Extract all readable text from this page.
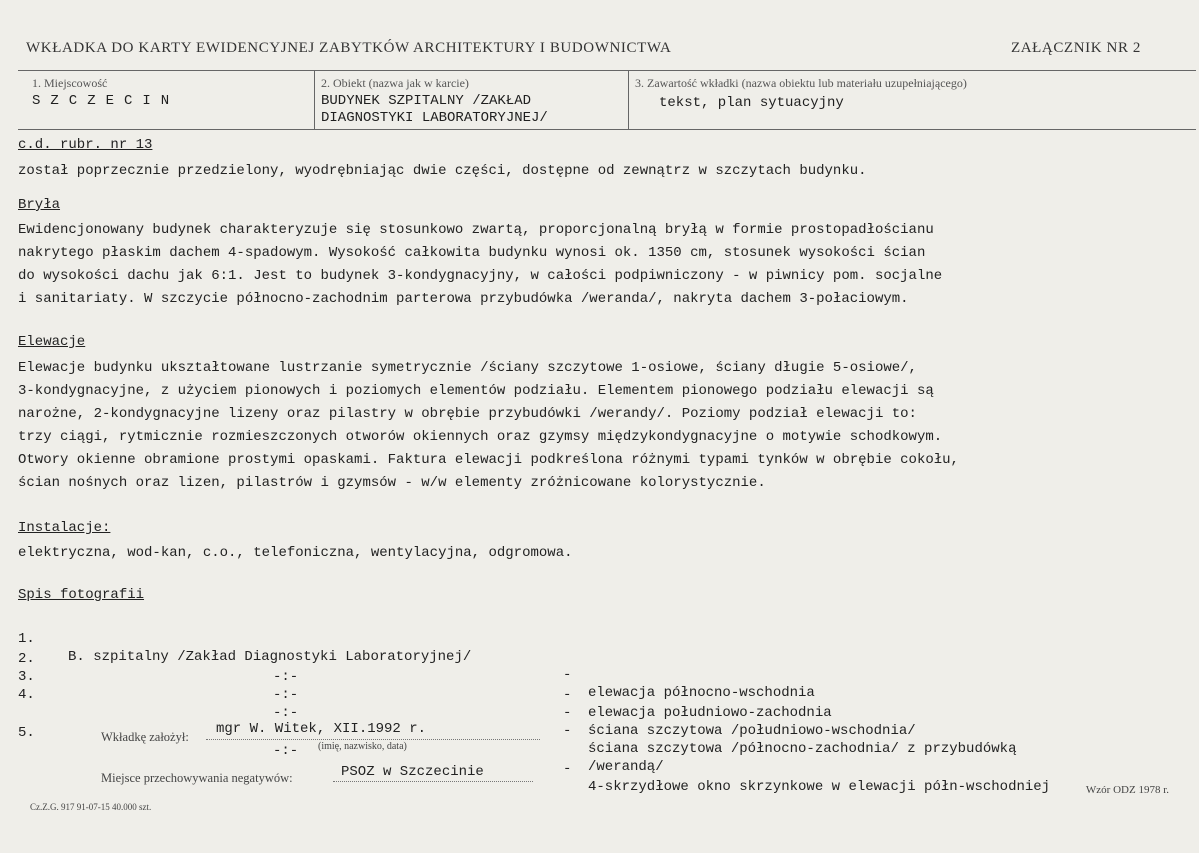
WKŁADKA DO KARTY EWIDENCYJNEJ ZABYTKÓW ARCHITEKTURY I BUDOWNICTWA	ZAŁĄCZNIK NR 2
1. Miejscowość
SZCZECIN
2. Obiekt (nazwa jak w karcie)
BUDYNEK SZPITALNY /ZAKŁAD
DIAGNOSTYKI LABORATORYJNEJ/
3. Zawartość wkładki (nazwa obiektu lub materiału uzupełniającego)
tekst, plan sytuacyjny
c.d. rubr. nr 13
został poprzecznie przedzielony, wyodrębniając dwie części, dostępne od zewnątrz w szczytach budynku.
Bryła
Ewidencjonowany budynek charakteryzuje się stosunkowo zwartą, proporcjonalną bryłą w formie prostopadłościanu
nakrytego płaskim dachem 4-spadowym. Wysokość całkowita budynku wynosi ok. 1350 cm, stosunek wysokości ścian
do wysokości dachu jak 6:1. Jest to budynek 3-kondygnacyjny, w całości podpiwniczony - w piwnicy pom. socjalne
i sanitariaty. W szczycie północno-zachodnim parterowa przybudówka /weranda/, nakryta dachem 3-połaciowym.
Elewacje
Elewacje budynku ukształtowane lustrzanie symetrycznie /ściany szczytowe 1-osiowe, ściany długie 5-osiowe/,
3-kondygnacyjne, z użyciem pionowych i poziomych elementów podziału. Elementem pionowego podziału elewacji są
narożne, 2-kondygnacyjne lizeny oraz pilastry w obrębie przybudówki /werandy/. Poziomy podział elewacji to:
trzy ciągi, rytmicznie rozmieszczonych otworów okiennych oraz gzymsy międzykondygnacyjne o motywie schodkowym.
Otwory okienne obramione prostymi opaskami. Faktura elewacji podkreślona różnymi typami tynków w obrębie cokołu,
ścian nośnych oraz lizen, pilastrów i gzymsów - w/w elementy zróżnicowane kolorystycznie.
Instalacje:
elektryczna, wod-kan, c.o., telefoniczna, wentylacyjna, odgromowa.
Spis fotografii

1.

B. szpitalny /Zakład Diagnostyki Laboratoryjnej/

-

elewacja północno-wschodnia

2.

-:-

-

elewacja południowo-zachodnia

3.

-:-

-

ściana szczytowa /południowo-wschodnia/

4.

-:-

-

ściana szczytowa /północno-zachodnia/ z przybudówką

/werandą/

5.

-:-

-

4-skrzydłowe okno skrzynkowe w elewacji półn-wschodniej

Wkładkę założył: mgr W. Witek, XII.1992 r.
(imię, nazwisko, data)
Miejsce przechowywania negatywów:	PSOZ w Szczecinie
Cz.Z.G. 917 91-07-15 40.000 szt.
Wzór ODZ 1978 r.
